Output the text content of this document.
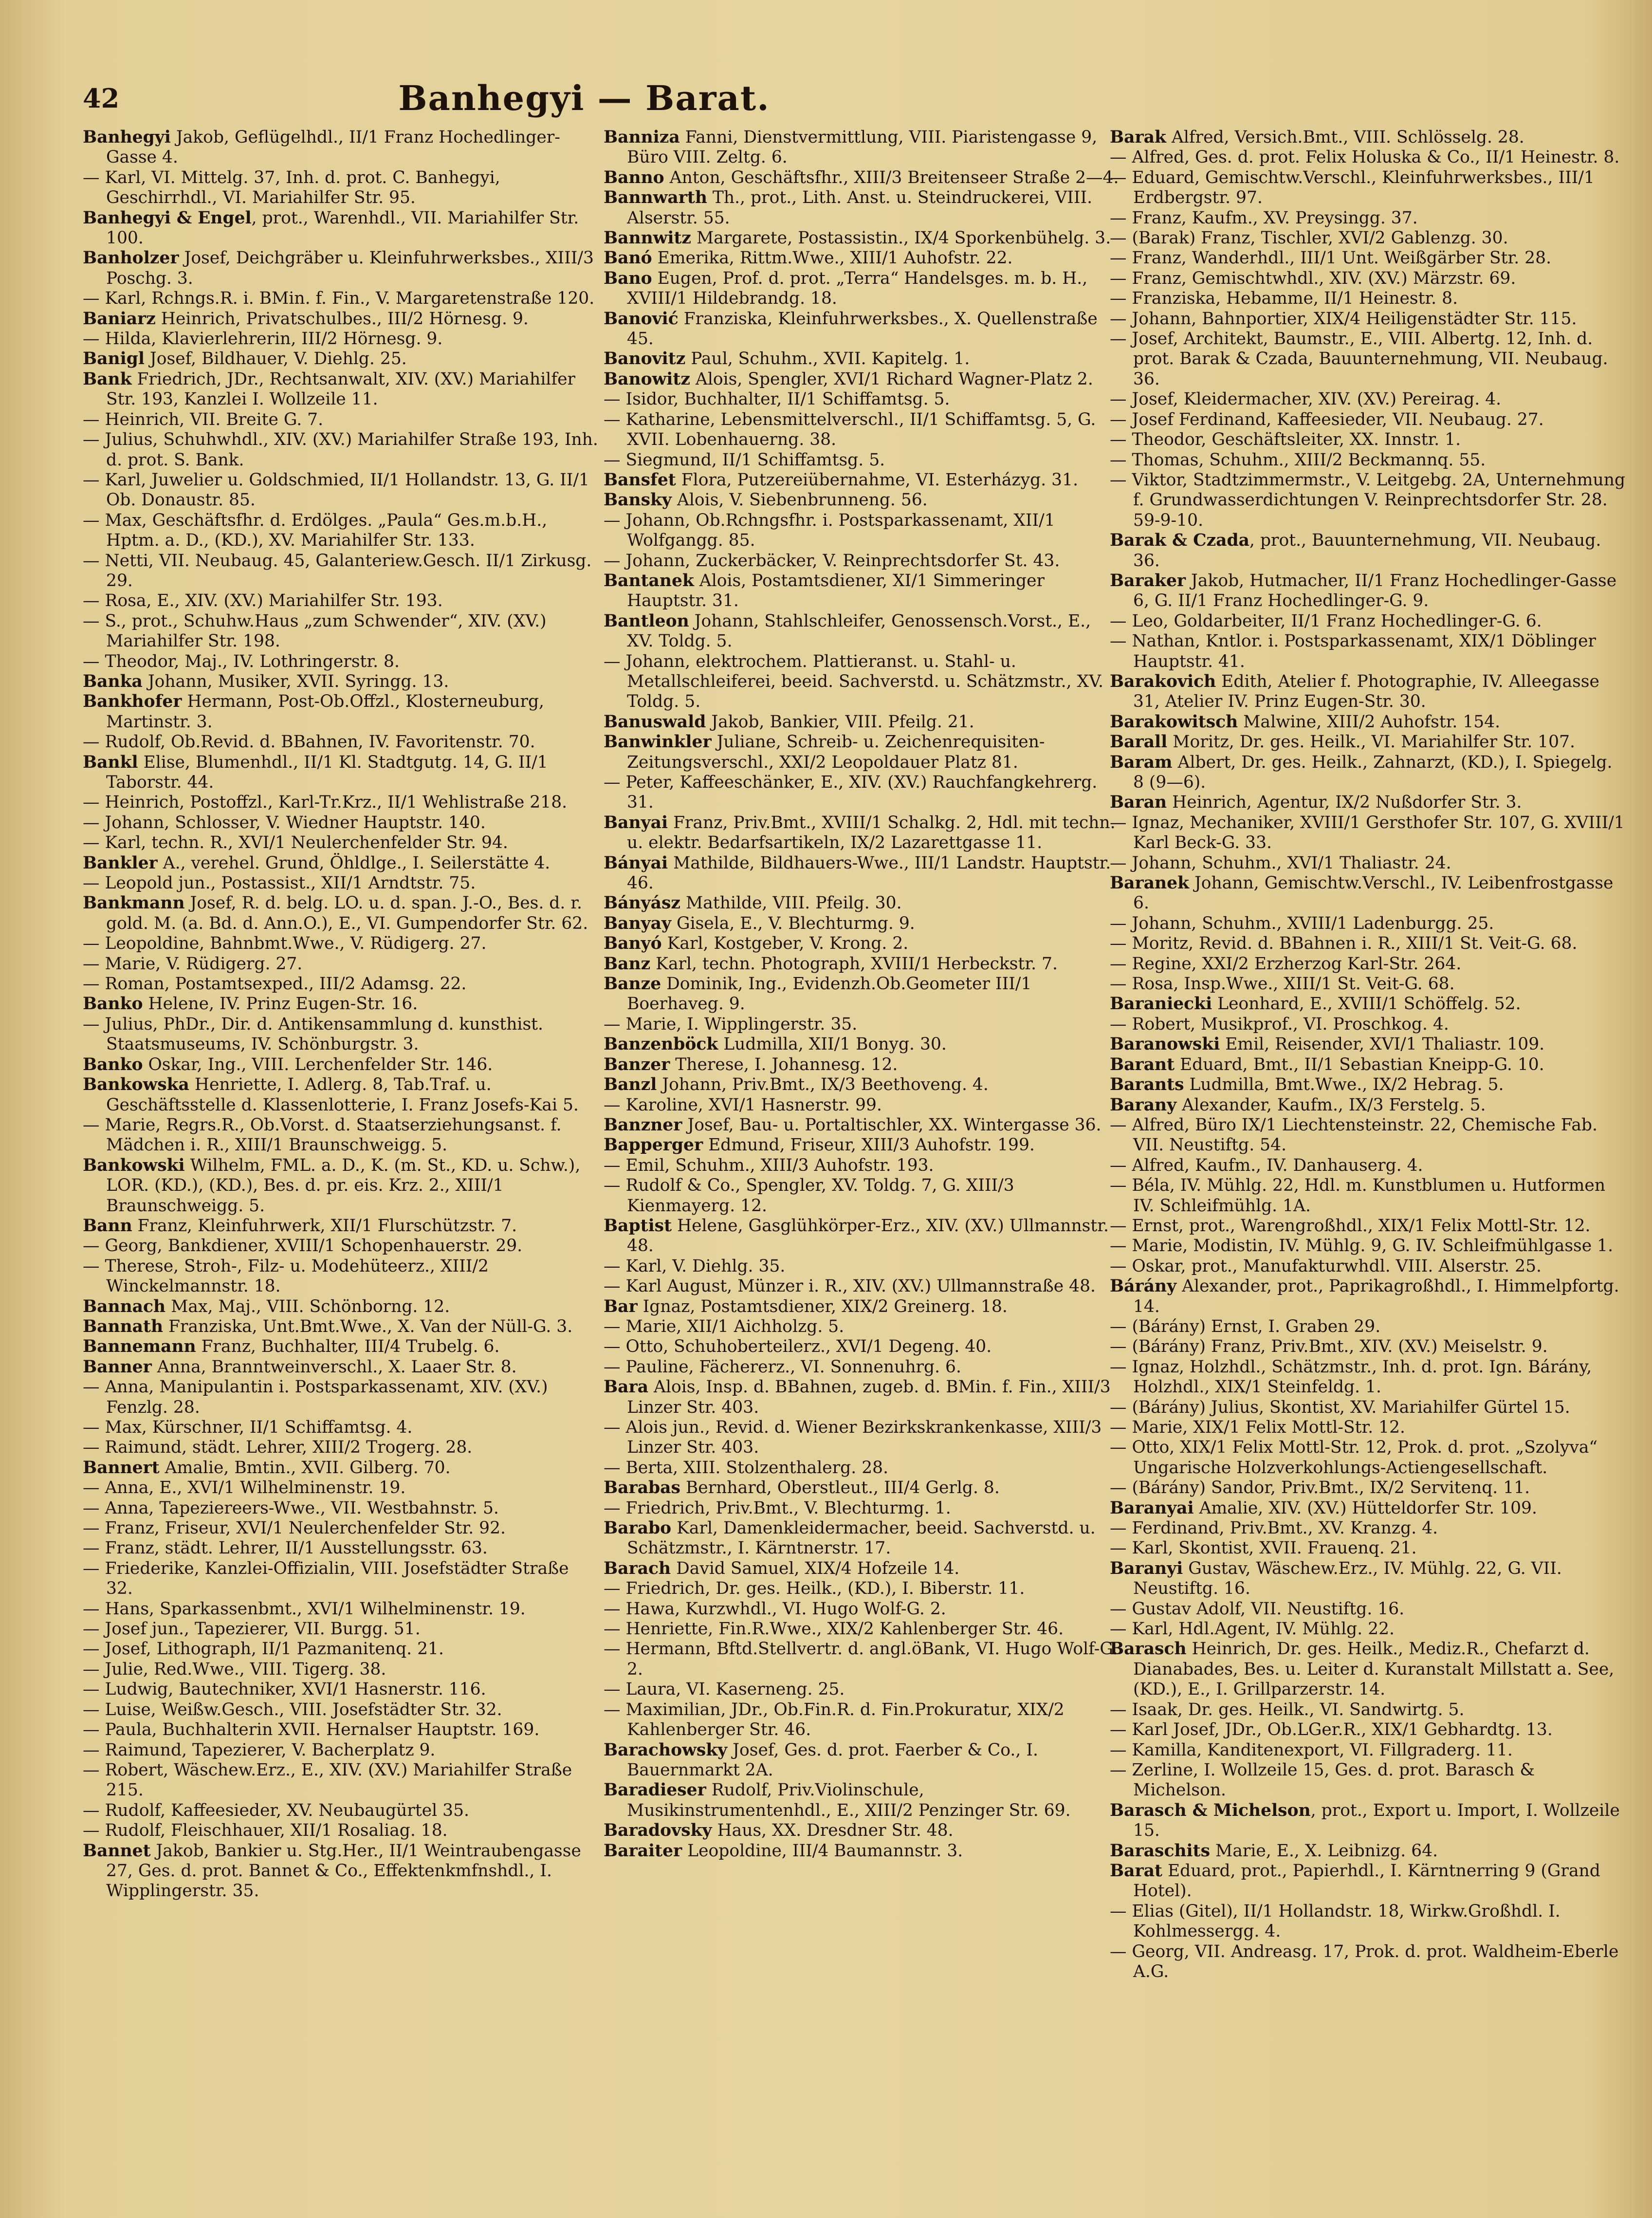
42	Banhegyi — Barat.
Banhegyi Jakob, Geflügelhdl., II/1 Franz Hochedlinger-Gasse 4.
— Karl, VI. Mittelg. 37, Inh. d. prot. C. Banhegyi, Geschirrhdl., VI. Mariahilfer Str. 95.
Banhegyi & Engel, prot., Warenhdl., VII. Mariahilfer Str. 100.
Banholzer Josef, Deichgräber u. Kleinfuhrwerksbes., XIII/3 Poschg. 3.
— Karl, Rchngs.R. i. BMin. f. Fin., V. Margaretenstraße 120.
Baniarz Heinrich, Privatschulbes., III/2 Hörnesg. 9.
— Hilda, Klavierlehrerin, III/2 Hörnesg. 9.
Banigl Josef, Bildhauer, V. Diehlg. 25.
Bank Friedrich, JDr., Rechtsanwalt, XIV. (XV.) Mariahilfer Str. 193, Kanzlei I. Wollzeile 11.
— Heinrich, VII. Breite G. 7.
— Julius, Schuhwhdl., XIV. (XV.) Mariahilfer Straße 193, Inh. d. prot. S. Bank.
— Karl, Juwelier u. Goldschmied, II/1 Hollandstr. 13, G. II/1 Ob. Donaustr. 85.
— Max, Geschäftsfhr. d. Erdölges. „Paula“ Ges.m.b.H., Hptm. a. D., (KD.), XV. Mariahilfer Str. 133.
— Netti, VII. Neubaug. 45, Galanteriew.Gesch. II/1 Zirkusg. 29.
— Rosa, E., XIV. (XV.) Mariahilfer Str. 193.
— S., prot., Schuhw.Haus „zum Schwender“, XIV. (XV.) Mariahilfer Str. 198.
— Theodor, Maj., IV. Lothringerstr. 8.
Banka Johann, Musiker, XVII. Syringg. 13.
Bankhofer Hermann, Post-Ob.Offzl., Klosterneuburg, Martinstr. 3.
— Rudolf, Ob.Revid. d. BBahnen, IV. Favoritenstr. 70.
Bankl Elise, Blumenhdl., II/1 Kl. Stadtgutg. 14, G. II/1 Taborstr. 44.
— Heinrich, Postoffzl., Karl-Tr.Krz., II/1 Wehlistraße 218.
— Johann, Schlosser, V. Wiedner Hauptstr. 140.
— Karl, techn. R., XVI/1 Neulerchenfelder Str. 94.
Bankler A., verehel. Grund, Öhldlge., I. Seilerstätte 4.
— Leopold jun., Postassist., XII/1 Arndtstr. 75.
Bankmann Josef, R. d. belg. LO. u. d. span. J.-O., Bes. d. r. gold. M. (a. Bd. d. Ann.O.), E., VI. Gumpendorfer Str. 62.
— Leopoldine, Bahnbmt.Wwe., V. Rüdigerg. 27.
— Marie, V. Rüdigerg. 27.
— Roman, Postamtsexped., III/2 Adamsg. 22.
Banko Helene, IV. Prinz Eugen-Str. 16.
— Julius, PhDr., Dir. d. Antikensammlung d. kunsthist. Staatsmuseums, IV. Schönburgstr. 3.
Banko Oskar, Ing., VIII. Lerchenfelder Str. 146.
Bankowska Henriette, I. Adlerg. 8, Tab.Traf. u. Geschäftsstelle d. Klassenlotterie, I. Franz Josefs-Kai 5.
— Marie, Regrs.R., Ob.Vorst. d. Staatserziehungsanst. f. Mädchen i. R., XIII/1 Braunschweigg. 5.
Bankowski Wilhelm, FML. a. D., K. (m. St., KD. u. Schw.), LOR. (KD.), (KD.), Bes. d. pr. eis. Krz. 2., XIII/1 Braunschweigg. 5.
Bann Franz, Kleinfuhrwerk, XII/1 Flurschützstr. 7.
— Georg, Bankdiener, XVIII/1 Schopenhauerstr. 29.
— Therese, Stroh-, Filz- u. Modehüteerz., XIII/2 Winckelmannstr. 18.
Bannach Max, Maj., VIII. Schönborng. 12.
Bannath Franziska, Unt.Bmt.Wwe., X. Van der Nüll-G. 3.
Bannemann Franz, Buchhalter, III/4 Trubelg. 6.
Banner Anna, Branntweinverschl., X. Laaer Str. 8.
— Anna, Manipulantin i. Postsparkassenamt, XIV. (XV.) Fenzlg. 28.
— Max, Kürschner, II/1 Schiffamtsg. 4.
— Raimund, städt. Lehrer, XIII/2 Trogerg. 28.
Bannert Amalie, Bmtin., XVII. Gilberg. 70.
— Anna, E., XVI/1 Wilhelminenstr. 19.
— Anna, Tapeziereers-Wwe., VII. Westbahnstr. 5.
— Franz, Friseur, XVI/1 Neulerchenfelder Str. 92.
— Franz, städt. Lehrer, II/1 Ausstellungsstr. 63.
— Friederike, Kanzlei-Offizialin, VIII. Josefstädter Straße 32.
— Hans, Sparkassenbmt., XVI/1 Wilhelminenstr. 19.
— Josef jun., Tapezierer, VII. Burgg. 51.
— Josef, Lithograph, II/1 Pazmanitenq. 21.
— Julie, Red.Wwe., VIII. Tigerg. 38.
— Ludwig, Bautechniker, XVI/1 Hasnerstr. 116.
— Luise, Weißw.Gesch., VIII. Josefstädter Str. 32.
— Paula, Buchhalterin XVII. Hernalser Hauptstr. 169.
— Raimund, Tapezierer, V. Bacherplatz 9.
— Robert, Wäschew.Erz., E., XIV. (XV.) Mariahilfer Straße 215.
— Rudolf, Kaffeesieder, XV. Neubaugürtel 35.
— Rudolf, Fleischhauer, XII/1 Rosaliag. 18.
Bannet Jakob, Bankier u. Stg.Her., II/1 Weintraubengasse 27, Ges. d. prot. Bannet & Co., Effektenkmfnshdl., I. Wipplingerstr. 35.
Banniza Fanni, Dienstvermittlung, VIII. Piaristengasse 9, Büro VIII. Zeltg. 6.
Banno Anton, Geschäftsfhr., XIII/3 Breitenseer Straße 2—4.
Bannwarth Th., prot., Lith. Anst. u. Steindruckerei, VIII. Alserstr. 55.
Bannwitz Margarete, Postassistin., IX/4 Sporkenbühelg. 3.
Banó Emerika, Rittm.Wwe., XIII/1 Auhofstr. 22.
Bano Eugen, Prof. d. prot. „Terra“ Handelsges. m. b. H., XVIII/1 Hildebrandg. 18.
Banović Franziska, Kleinfuhrwerksbes., X. Quellenstraße 45.
Banovitz Paul, Schuhm., XVII. Kapitelg. 1.
Banowitz Alois, Spengler, XVI/1 Richard Wagner-Platz 2.
— Isidor, Buchhalter, II/1 Schiffamtsg. 5.
— Katharine, Lebensmittelverschl., II/1 Schiffamtsg. 5, G. XVII. Lobenhauerng. 38.
— Siegmund, II/1 Schiffamtsg. 5.
Bansfet Flora, Putzereiübernahme, VI. Esterházyg. 31.
Bansky Alois, V. Siebenbrunneng. 56.
— Johann, Ob.Rchngsfhr. i. Postsparkassenamt, XII/1 Wolfgangg. 85.
— Johann, Zuckerbäcker, V. Reinprechtsdorfer St. 43.
Bantanek Alois, Postamtsdiener, XI/1 Simmeringer Hauptstr. 31.
Bantleon Johann, Stahlschleifer, Genossensch.Vorst., E., XV. Toldg. 5.
— Johann, elektrochem. Plattieranst. u. Stahl- u. Metallschleiferei, beeid. Sachverstd. u. Schätzmstr., XV. Toldg. 5.
Banuswald Jakob, Bankier, VIII. Pfeilg. 21.
Banwinkler Juliane, Schreib- u. Zeichenrequisiten-Zeitungsverschl., XXI/2 Leopoldauer Platz 81.
— Peter, Kaffeeschänker, E., XIV. (XV.) Rauchfangkehrerg. 31.
Banyai Franz, Priv.Bmt., XVIII/1 Schalkg. 2, Hdl. mit techn. u. elektr. Bedarfsartikeln, IX/2 Lazarettgasse 11.
Bányai Mathilde, Bildhauers-Wwe., III/1 Landstr. Hauptstr. 46.
Bányász Mathilde, VIII. Pfeilg. 30.
Banyay Gisela, E., V. Blechturmg. 9.
Banyó Karl, Kostgeber, V. Krong. 2.
Banz Karl, techn. Photograph, XVIII/1 Herbeckstr. 7.
Banze Dominik, Ing., Evidenzh.Ob.Geometer III/1 Boerhaveg. 9.
— Marie, I. Wipplingerstr. 35.
Banzenböck Ludmilla, XII/1 Bonyg. 30.
Banzer Therese, I. Johannesg. 12.
Banzl Johann, Priv.Bmt., IX/3 Beethoveng. 4.
— Karoline, XVI/1 Hasnerstr. 99.
Banzner Josef, Bau- u. Portaltischler, XX. Wintergasse 36.
Bapperger Edmund, Friseur, XIII/3 Auhofstr. 199.
— Emil, Schuhm., XIII/3 Auhofstr. 193.
— Rudolf & Co., Spengler, XV. Toldg. 7, G. XIII/3 Kienmayerg. 12.
Baptist Helene, Gasglühkörper-Erz., XIV. (XV.) Ullmannstr. 48.
— Karl, V. Diehlg. 35.
— Karl August, Münzer i. R., XIV. (XV.) Ullmannstraße 48.
Bar Ignaz, Postamtsdiener, XIX/2 Greinerg. 18.
— Marie, XII/1 Aichholzg. 5.
— Otto, Schuhoberteilerz., XVI/1 Degeng. 40.
— Pauline, Fächererz., VI. Sonnenuhrg. 6.
Bara Alois, Insp. d. BBahnen, zugeb. d. BMin. f. Fin., XIII/3 Linzer Str. 403.
— Alois jun., Revid. d. Wiener Bezirkskrankenkasse, XIII/3 Linzer Str. 403.
— Berta, XIII. Stolzenthalerg. 28.
Barabas Bernhard, Oberstleut., III/4 Gerlg. 8.
— Friedrich, Priv.Bmt., V. Blechturmg. 1.
Barabo Karl, Damenkleidermacher, beeid. Sachverstd. u. Schätzmstr., I. Kärntnerstr. 17.
Barach David Samuel, XIX/4 Hofzeile 14.
— Friedrich, Dr. ges. Heilk., (KD.), I. Biberstr. 11.
— Hawa, Kurzwhdl., VI. Hugo Wolf-G. 2.
— Henriette, Fin.R.Wwe., XIX/2 Kahlenberger Str. 46.
— Hermann, Bftd.Stellvertr. d. angl.öBank, VI. Hugo Wolf-G. 2.
— Laura, VI. Kaserneng. 25.
— Maximilian, JDr., Ob.Fin.R. d. Fin.Prokuratur, XIX/2 Kahlenberger Str. 46.
Barachowsky Josef, Ges. d. prot. Faerber & Co., I. Bauernmarkt 2A.
Baradieser Rudolf, Priv.Violinschule, Musikinstrumentenhdl., E., XIII/2 Penzinger Str. 69.
Baradovsky Haus, XX. Dresdner Str. 48.
Baraiter Leopoldine, III/4 Baumannstr. 3.
Barak Alfred, Versich.Bmt., VIII. Schlösselg. 28.
— Alfred, Ges. d. prot. Felix Holuska & Co., II/1 Heinestr. 8.
— Eduard, Gemischtw.Verschl., Kleinfuhrwerksbes., III/1 Erdbergstr. 97.
— Franz, Kaufm., XV. Preysingg. 37.
— (Barak) Franz, Tischler, XVI/2 Gablenzg. 30.
— Franz, Wanderhdl., III/1 Unt. Weißgärber Str. 28.
— Franz, Gemischtwhdl., XIV. (XV.) Märzstr. 69.
— Franziska, Hebamme, II/1 Heinestr. 8.
— Johann, Bahnportier, XIX/4 Heiligenstädter Str. 115.
— Josef, Architekt, Baumstr., E., VIII. Albertg. 12, Inh. d. prot. Barak & Czada, Bauunternehmung, VII. Neubaug. 36.
— Josef, Kleidermacher, XIV. (XV.) Pereirag. 4.
— Josef Ferdinand, Kaffeesieder, VII. Neubaug. 27.
— Theodor, Geschäftsleiter, XX. Innstr. 1.
— Thomas, Schuhm., XIII/2 Beckmannq. 55.
— Viktor, Stadtzimmermstr., V. Leitgebg. 2A, Unternehmung f. Grundwasserdichtungen V. Reinprechtsdorfer Str. 28. 59-9-10.
Barak & Czada, prot., Bauunternehmung, VII. Neubaug. 36.
Baraker Jakob, Hutmacher, II/1 Franz Hochedlinger-Gasse 6, G. II/1 Franz Hochedlinger-G. 9.
— Leo, Goldarbeiter, II/1 Franz Hochedlinger-G. 6.
— Nathan, Kntlor. i. Postsparkassenamt, XIX/1 Döblinger Hauptstr. 41.
Barakovich Edith, Atelier f. Photographie, IV. Alleegasse 31, Atelier IV. Prinz Eugen-Str. 30.
Barakowitsch Malwine, XIII/2 Auhofstr. 154.
Barall Moritz, Dr. ges. Heilk., VI. Mariahilfer Str. 107.
Baram Albert, Dr. ges. Heilk., Zahnarzt, (KD.), I. Spiegelg. 8 (9—6).
Baran Heinrich, Agentur, IX/2 Nußdorfer Str. 3.
— Ignaz, Mechaniker, XVIII/1 Gersthofer Str. 107, G. XVIII/1 Karl Beck-G. 33.
— Johann, Schuhm., XVI/1 Thaliastr. 24.
Baranek Johann, Gemischtw.Verschl., IV. Leibenfrostgasse 6.
— Johann, Schuhm., XVIII/1 Ladenburgg. 25.
— Moritz, Revid. d. BBahnen i. R., XIII/1 St. Veit-G. 68.
— Regine, XXI/2 Erzherzog Karl-Str. 264.
— Rosa, Insp.Wwe., XIII/1 St. Veit-G. 68.
Baraniecki Leonhard, E., XVIII/1 Schöffelg. 52.
— Robert, Musikprof., VI. Proschkog. 4.
Baranowski Emil, Reisender, XVI/1 Thaliastr. 109.
Barant Eduard, Bmt., II/1 Sebastian Kneipp-G. 10.
Barants Ludmilla, Bmt.Wwe., IX/2 Hebrag. 5.
Barany Alexander, Kaufm., IX/3 Ferstelg. 5.
— Alfred, Büro IX/1 Liechtensteinstr. 22, Chemische Fab. VII. Neustiftg. 54.
— Alfred, Kaufm., IV. Danhauserg. 4.
— Béla, IV. Mühlg. 22, Hdl. m. Kunstblumen u. Hutformen IV. Schleifmühlg. 1A.
— Ernst, prot., Warengroßhdl., XIX/1 Felix Mottl-Str. 12.
— Marie, Modistin, IV. Mühlg. 9, G. IV. Schleifmühlgasse 1.
— Oskar, prot., Manufakturwhdl. VIII. Alserstr. 25.
Bárány Alexander, prot., Paprikagroßhdl., I. Himmelpfortg. 14.
— (Bárány) Ernst, I. Graben 29.
— (Bárány) Franz, Priv.Bmt., XIV. (XV.) Meiselstr. 9.
— Ignaz, Holzhdl., Schätzmstr., Inh. d. prot. Ign. Bárány, Holzhdl., XIX/1 Steinfeldg. 1.
— (Bárány) Julius, Skontist, XV. Mariahilfer Gürtel 15.
— Marie, XIX/1 Felix Mottl-Str. 12.
— Otto, XIX/1 Felix Mottl-Str. 12, Prok. d. prot. „Szolyva“ Ungarische Holzverkohlungs-Actiengesellschaft.
— (Bárány) Sandor, Priv.Bmt., IX/2 Servitenq. 11.
Baranyai Amalie, XIV. (XV.) Hütteldorfer Str. 109.
— Ferdinand, Priv.Bmt., XV. Kranzg. 4.
— Karl, Skontist, XVII. Frauenq. 21.
Baranyi Gustav, Wäschew.Erz., IV. Mühlg. 22, G. VII. Neustiftg. 16.
— Gustav Adolf, VII. Neustiftg. 16.
— Karl, Hdl.Agent, IV. Mühlg. 22.
Barasch Heinrich, Dr. ges. Heilk., Mediz.R., Chefarzt d. Dianabades, Bes. u. Leiter d. Kuranstalt Millstatt a. See, (KD.), E., I. Grillparzerstr. 14.
— Isaak, Dr. ges. Heilk., VI. Sandwirtg. 5.
— Karl Josef, JDr., Ob.LGer.R., XIX/1 Gebhardtg. 13.
— Kamilla, Kanditenexport, VI. Fillgraderg. 11.
— Zerline, I. Wollzeile 15, Ges. d. prot. Barasch & Michelson.
Barasch & Michelson, prot., Export u. Import, I. Wollzeile 15.
Baraschits Marie, E., X. Leibnizg. 64.
Barat Eduard, prot., Papierhdl., I. Kärntnerring 9 (Grand Hotel).
— Elias (Gitel), II/1 Hollandstr. 18, Wirkw.Großhdl. I. Kohlmessergg. 4.
— Georg, VII. Andreasg. 17, Prok. d. prot. Waldheim-Eberle A.G.
